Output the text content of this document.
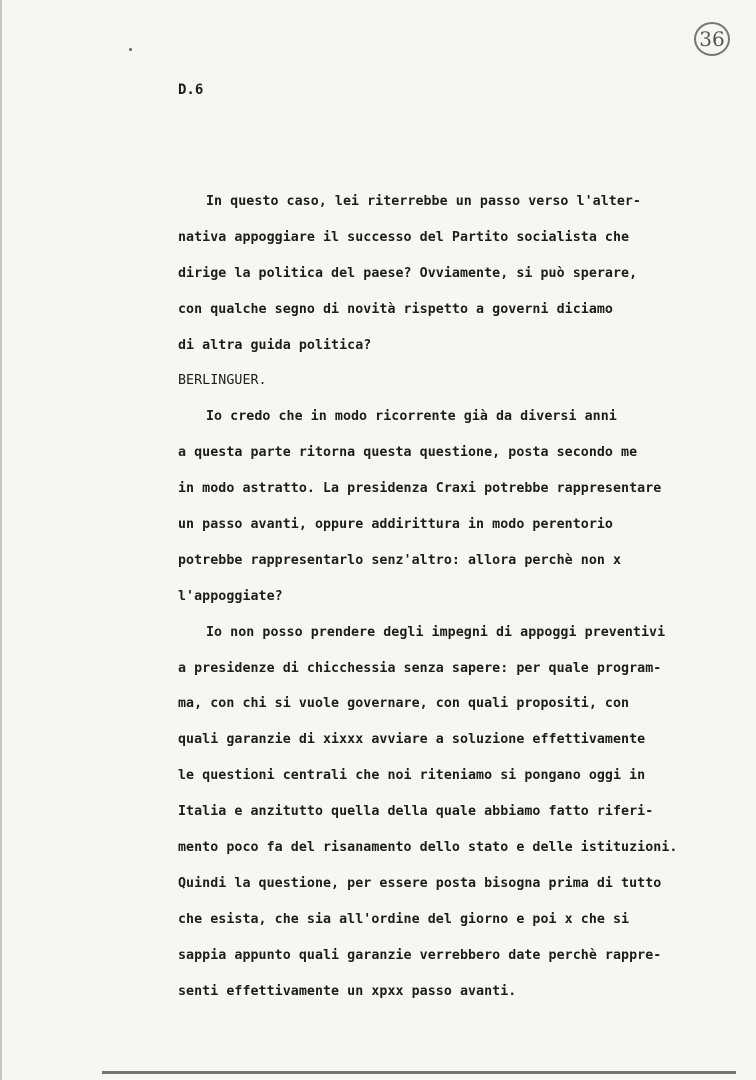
36
D.6
In questo caso, lei riterrebbe un passo verso l'alter-
nativa appoggiare il successo del Partito socialista che
dirige la politica del paese? Ovviamente, si può sperare,
con qualche segno di novità rispetto a governi diciamo
di altra guida politica?
BERLINGUER.
Io credo che in modo ricorrente già da diversi anni
a questa parte ritorna questa questione, posta secondo me
in modo astratto. La presidenza Craxi potrebbe rappresentare
un passo avanti, oppure addirittura in modo perentorio
potrebbe rappresentarlo senz'altro: allora perchè non x
l'appoggiate?
Io non posso prendere degli impegni di appoggi preventivi
a presidenze di chicchessia senza sapere: per quale program-
ma, con chi si vuole governare, con quali propositi, con
quali garanzie di xixxx avviare a soluzione effettivamente
le questioni centrali che noi riteniamo si pongano oggi in
Italia e anzitutto quella della quale abbiamo fatto riferi-
mento poco fa del risanamento dello stato e delle istituzioni.
Quindi la questione, per essere posta bisogna prima di tutto
che esista, che sia all'ordine del giorno e poi x che si
sappia appunto quali garanzie verrebbero date perchè rappre-
senti effettivamente un xpxx passo avanti.
